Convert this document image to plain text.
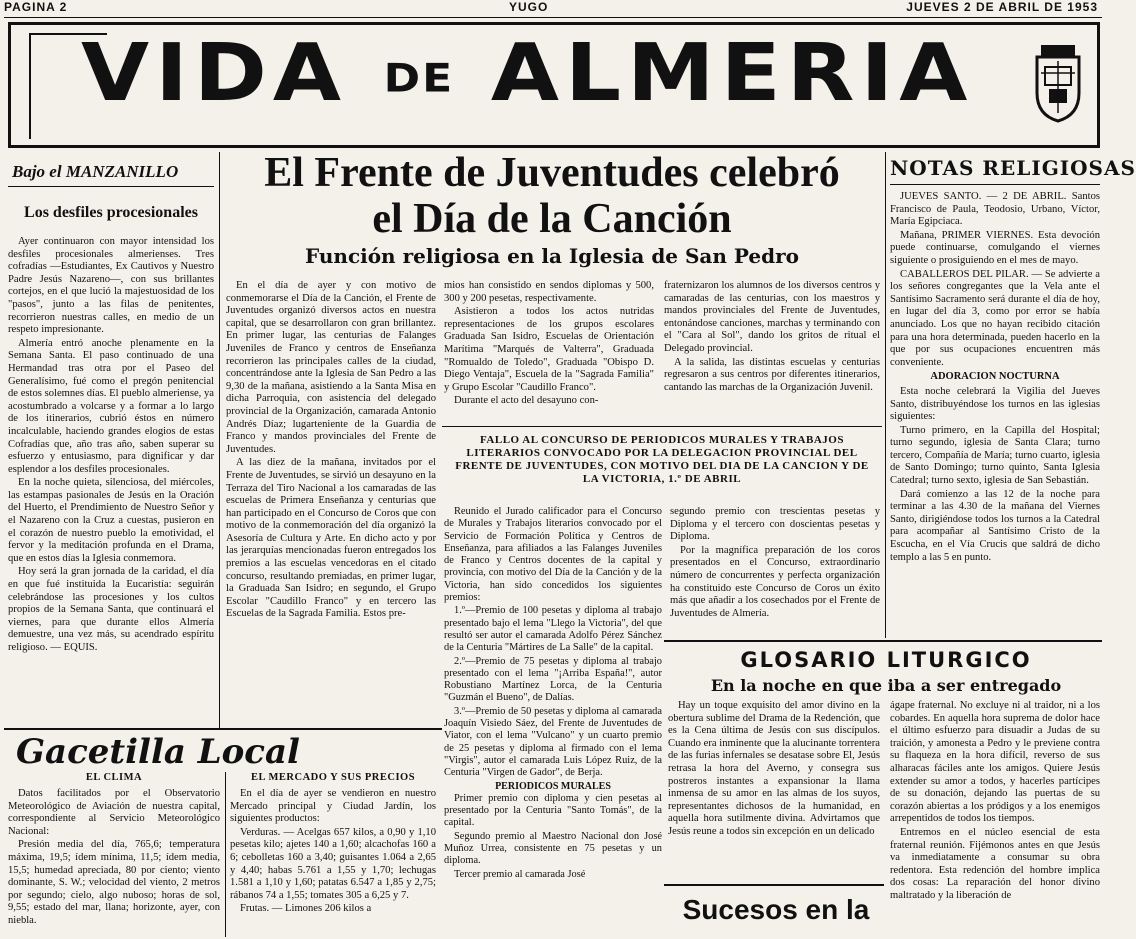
PAGINA 2	YUGO	JUEVES 2 DE ABRIL DE 1953
VIDA DE ALMERIA
Bajo el MANZANILLO
Los desfiles procesionales

Ayer continuaron con mayor intensidad los desfiles procesionales almerienses. Tres cofradías —Estudiantes, Ex Cautivos y Nuestro Padre Jesús Nazareno—, con sus brillantes cortejos, en el que lució la majestuosidad de los "pasos", junto a las filas de penitentes, recorrieron nuestras calles, en medio de un respeto impresionante.

Almería entró anoche plenamente en la Semana Santa. El paso continuado de una Hermandad tras otra por el Paseo del Generalísimo, fué como el pregón penitencial de estos solemnes días. El pueblo almeriense, ya acostumbrado a volcarse y a formar a lo largo de los itinerarios, cubrió éstos en número incalculable, haciendo grandes elogios de estas Cofradías que, año tras año, saben superar su esfuerzo y entusiasmo, para dignificar y dar esplendor a los desfiles procesionales.

En la noche quieta, silenciosa, del miércoles, las estampas pasionales de Jesús en la Oración del Huerto, el Prendimiento de Nuestro Señor y el Nazareno con la Cruz a cuestas, pusieron en el corazón de nuestro pueblo la emotividad, el fervor y la meditación profunda en el Drama, que en estos días la Iglesia conmemora.

Hoy será la gran jornada de la caridad, el día en que fué instituida la Eucaristía: seguirán celebrándose las procesiones y los cultos propios de la Semana Santa, que continuará el viernes, para que durante ellos Almería demuestre, una vez más, su acendrado espíritu religioso. — EQUIS.

El Frente de Juventudes celebró
el Día de la Canción
Función religiosa en la Iglesia de San Pedro

En el día de ayer y con motivo de conmemorarse el Día de la Canción, el Frente de Juventudes organizó diversos actos en nuestra capital, que se desarrollaron con gran brillantez. En primer lugar, las centurias de Falanges Juveniles de Franco y centros de Enseñanza recorrieron las principales calles de la ciudad, concentrándose ante la Iglesia de San Pedro a las 9,30 de la mañana, asistiendo a la Santa Misa en dicha Parroquia, con asistencia del delegado provincial de la Organización, camarada Antonio Andrés Díaz; lugarteniente de la Guardia de Franco y mandos provinciales del Frente de Juventudes.

A las diez de la mañana, invitados por el Frente de Juventudes, se sirvió un desayuno en la Terraza del Tiro Nacional a los camaradas de las escuelas de Primera Enseñanza y centurias que han participado en el Concurso de Coros que con motivo de la conmemoración del día organizó la Asesoría de Cultura y Arte. En dicho acto y por las jerarquías mencionadas fueron entregados los premios a las escuelas vencedoras en el citado concurso, resultando premiadas, en primer lugar, la Graduada San Isidro; en segundo, el Grupo Escolar "Caudillo Franco" y en tercero las Escuelas de la Sagrada Familia. Estos pre-

mios han consistido en sendos diplomas y 500, 300 y 200 pesetas, respectivamente.

Asistieron a todos los actos nutridas representaciones de los grupos escolares Graduada San Isidro, Escuelas de Orientación Marítima "Marqués de Valterra", Graduada "Romualdo de Toledo", Graduada "Obispo D. Diego Ventaja", Escuela de la "Sagrada Familia" y Grupo Escolar "Caudillo Franco".

Durante el acto del desayuno con-

fraternizaron los alumnos de los diversos centros y camaradas de las centurias, con los maestros y mandos provinciales del Frente de Juventudes, entonándose canciones, marchas y terminando con el "Cara al Sol", dando los gritos de ritual el Delegado provincial.

A la salida, las distintas escuelas y centurias regresaron a sus centros por diferentes itinerarios, cantando las marchas de la Organización Juvenil.

FALLO AL CONCURSO DE PERIODICOS MURALES Y TRABAJOS LITERARIOS CONVOCADO POR LA DELEGACION PROVINCIAL DEL FRENTE DE JUVENTUDES, CON MOTIVO DEL DIA DE LA CANCION Y DE LA VICTORIA, 1.º DE ABRIL

Reunido el Jurado calificador para el Concurso de Murales y Trabajos literarios convocado por el Servicio de Formación Política y Centros de Enseñanza, para afiliados a las Falanges Juveniles de Franco y Centros docentes de la capital y provincia, con motivo del Día de la Canción y de la Victoria, han sido concedidos los siguientes premios:

1.º—Premio de 100 pesetas y diploma al trabajo presentado bajo el lema "Llego la Victoria", del que resultó ser autor el camarada Adolfo Pérez Sánchez de la Centuria "Mártires de La Salle" de la capital.

2.º—Premio de 75 pesetas y diploma al trabajo presentado con el lema "¡Arriba España!", autor Robustiano Martínez Lorca, de la Centuria "Guzmán el Bueno", de Dalías.

3.º—Premio de 50 pesetas y diploma al camarada Joaquín Visiedo Sáez, del Frente de Juventudes de Viator, con el lema "Vulcano" y un cuarto premio de 25 pesetas y diploma al firmado con el lema "Virgis", autor el camarada Luis López Ruiz, de la Centuria "Virgen de Gador", de Berja.

PERIODICOS MURALES

Primer premio con diploma y cien pesetas al presentado por la Centuria "Santo Tomás", de la capital.

Segundo premio al Maestro Nacional don José Muñoz Urrea, consistente en 75 pesetas y un diploma.

Tercer premio al camarada José

segundo premio con trescientas pesetas y Diploma y el tercero con doscientas pesetas y Diploma.

Por la magnífica preparación de los coros presentados en el Concurso, extraordinario número de concurrentes y perfecta organización ha constituido este Concurso de Coros un éxito más que añadir a los cosechados por el Frente de Juventudes de Almería.

NOTAS RELIGIOSAS

JUEVES SANTO. — 2 DE ABRIL. Santos Francisco de Paula, Teodosio, Urbano, Víctor, María Egipciaca.

Mañana, PRIMER VIERNES. Esta devoción puede continuarse, comulgando el viernes siguiente o prosiguiendo en el mes de mayo.

CABALLEROS DEL PILAR. — Se advierte a los señores congregantes que la Vela ante el Santísimo Sacramento será durante el día de hoy, en lugar del día 3, como por error se había anunciado. Los que no hayan recibido citación para una hora determinada, pueden hacerlo en la que por sus ocupaciones encuentren más conveniente.

ADORACION NOCTURNA

Esta noche celebrará la Vigilia del Jueves Santo, distribuyéndose los turnos en las iglesias siguientes:

Turno primero, en la Capilla del Hospital; turno segundo, iglesia de Santa Clara; turno tercero, Compañía de María; turno cuarto, iglesia de Santo Domingo; turno quinto, Santa Iglesia Catedral; turno sexto, iglesia de San Sebastián.

Dará comienzo a las 12 de la noche para terminar a las 4.30 de la mañana del Viernes Santo, dirigiéndose todos los turnos a la Catedral para acompañar al Santísimo Cristo de la Escucha, en el Vía Crucis que saldrá de dicho templo a las 5 en punto.

Gacetilla Local
EL CLIMA

Datos facilitados por el Observatorio Meteorológico de Aviación de nuestra capital, correspondiente al Servicio Meteorológico Nacional:

Presión media del día, 765,6; temperatura máxima, 19,5; ídem mínima, 11,5; ídem media, 15,5; humedad apreciada, 80 por ciento; viento dominante, S. W.; velocidad del viento, 2 metros por segundo; cielo, algo nuboso; horas de sol, 9,55; estado del mar, llana; horizonte, ayer, con niebla.

EL MERCADO Y SUS PRECIOS

En el día de ayer se vendieron en nuestro Mercado principal y Ciudad Jardín, los siguientes productos:

Verduras. — Acelgas 657 kilos, a 0,90 y 1,10 pesetas kilo; ajetes 140 a 1,60; alcachofas 160 a 6; cebolletas 160 a 3,40; guisantes 1.064 a 2,65 y 4,40; habas 5.761 a 1,55 y 1,70; lechugas 1.581 a 1,10 y 1,60; patatas 6.547 a 1,85 y 2,75; rábanos 74 a 1,55; tomates 305 a 6,25 y 7.

Frutas. — Limones 206 kilos a

GLOSARIO LITURGICO
En la noche en que iba a ser entregado

Hay un toque exquisito del amor divino en la obertura sublime del Drama de la Redención, que es la Cena última de Jesús con sus discípulos. Cuando era inminente que la alucinante torrentera de las furias infernales se desatase sobre El, Jesús retrasa la hora del Averno, y consegra sus postreros instantes a expansionar la llama inmensa de su amor en las almas de los suyos, representantes dichosos de la humanidad, en aquella hora sutilmente divina. Advirtamos que Jesús reune a todos sin excepción en un delicado

ágape fraternal. No excluye ni al traidor, ni a los cobardes. En aquella hora suprema de dolor hace el último esfuerzo para disuadir a Judas de su traición, y amonesta a Pedro y le previene contra su flaqueza en la hora difícil, reverso de sus alharacas fáciles ante los amigos. Quiere Jesús extender su amor a todos, y hacerles partícipes de su donación, dejando las puertas de su corazón abiertas a los pródigos y a los enemigos arrepentidos de todos los tiempos.

Entremos en el núcleo esencial de esta fraternal reunión. Fijémonos antes en que Jesús va inmediatamente a consumar su obra redentora. Esta redención del hombre implica dos cosas: La reparación del honor divino maltratado y la liberación de

Sucesos en la
